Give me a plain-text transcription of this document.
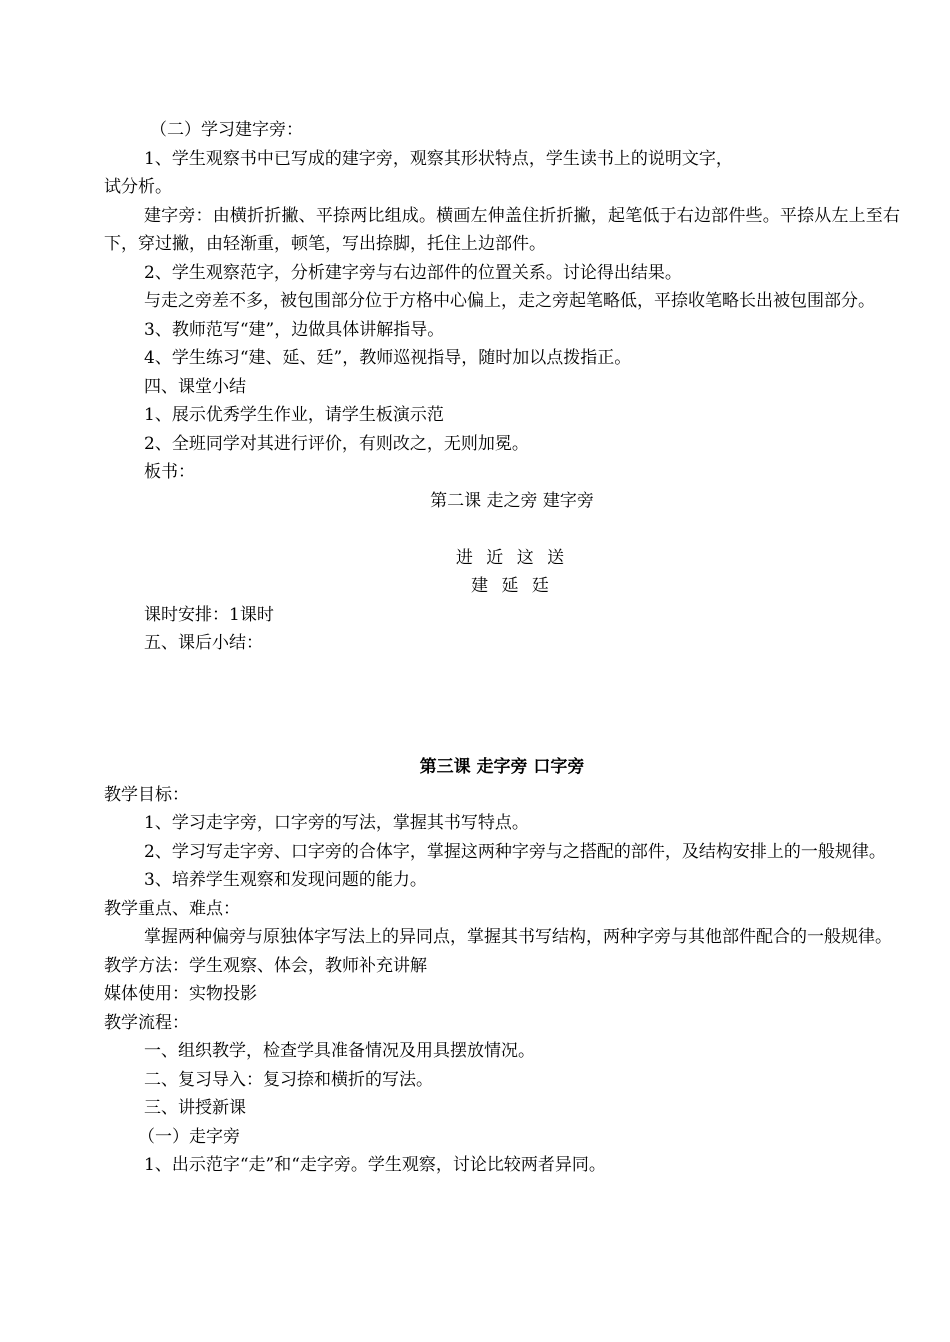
（二）学习建字旁：
1、学生观察书中已写成的建字旁，观察其形状特点，学生读书上的说明文字，
试分析。
建字旁：由横折折撇、平捺两比组成。横画左伸盖住折折撇，起笔低于右边部件些。平捺从左上至右下，穿过撇，由轻渐重，顿笔，写出捺脚，托住上边部件。
2、学生观察范字，分析建字旁与右边部件的位置关系。讨论得出结果。
与走之旁差不多，被包围部分位于方格中心偏上，走之旁起笔略低，平捺收笔略长出被包围部分。
3、教师范写“建”，边做具体讲解指导。
4、学生练习“建、延、廷”，教师巡视指导，随时加以点拨指正。
四、课堂小结
1、展示优秀学生作业，请学生板演示范
2、全班同学对其进行评价，有则改之，无则加冕。
板书：
第二课 走之旁 建字旁
进 近 这 送
建 延 廷
课时安排：1课时
五、课后小结：
第三课 走字旁 口字旁
教学目标：
1、学习走字旁，口字旁的写法，掌握其书写特点。
2、学习写走字旁、口字旁的合体字，掌握这两种字旁与之搭配的部件，及结构安排上的一般规律。
3、培养学生观察和发现问题的能力。
教学重点、难点：
掌握两种偏旁与原独体字写法上的异同点，掌握其书写结构，两种字旁与其他部件配合的一般规律。
教学方法：学生观察、体会，教师补充讲解
媒体使用：实物投影
教学流程：
一、组织教学，检查学具准备情况及用具摆放情况。
二、复习导入：复习捺和横折的写法。
三、讲授新课
（一）走字旁
1、出示范字“走”和“走字旁。学生观察，讨论比较两者异同。
